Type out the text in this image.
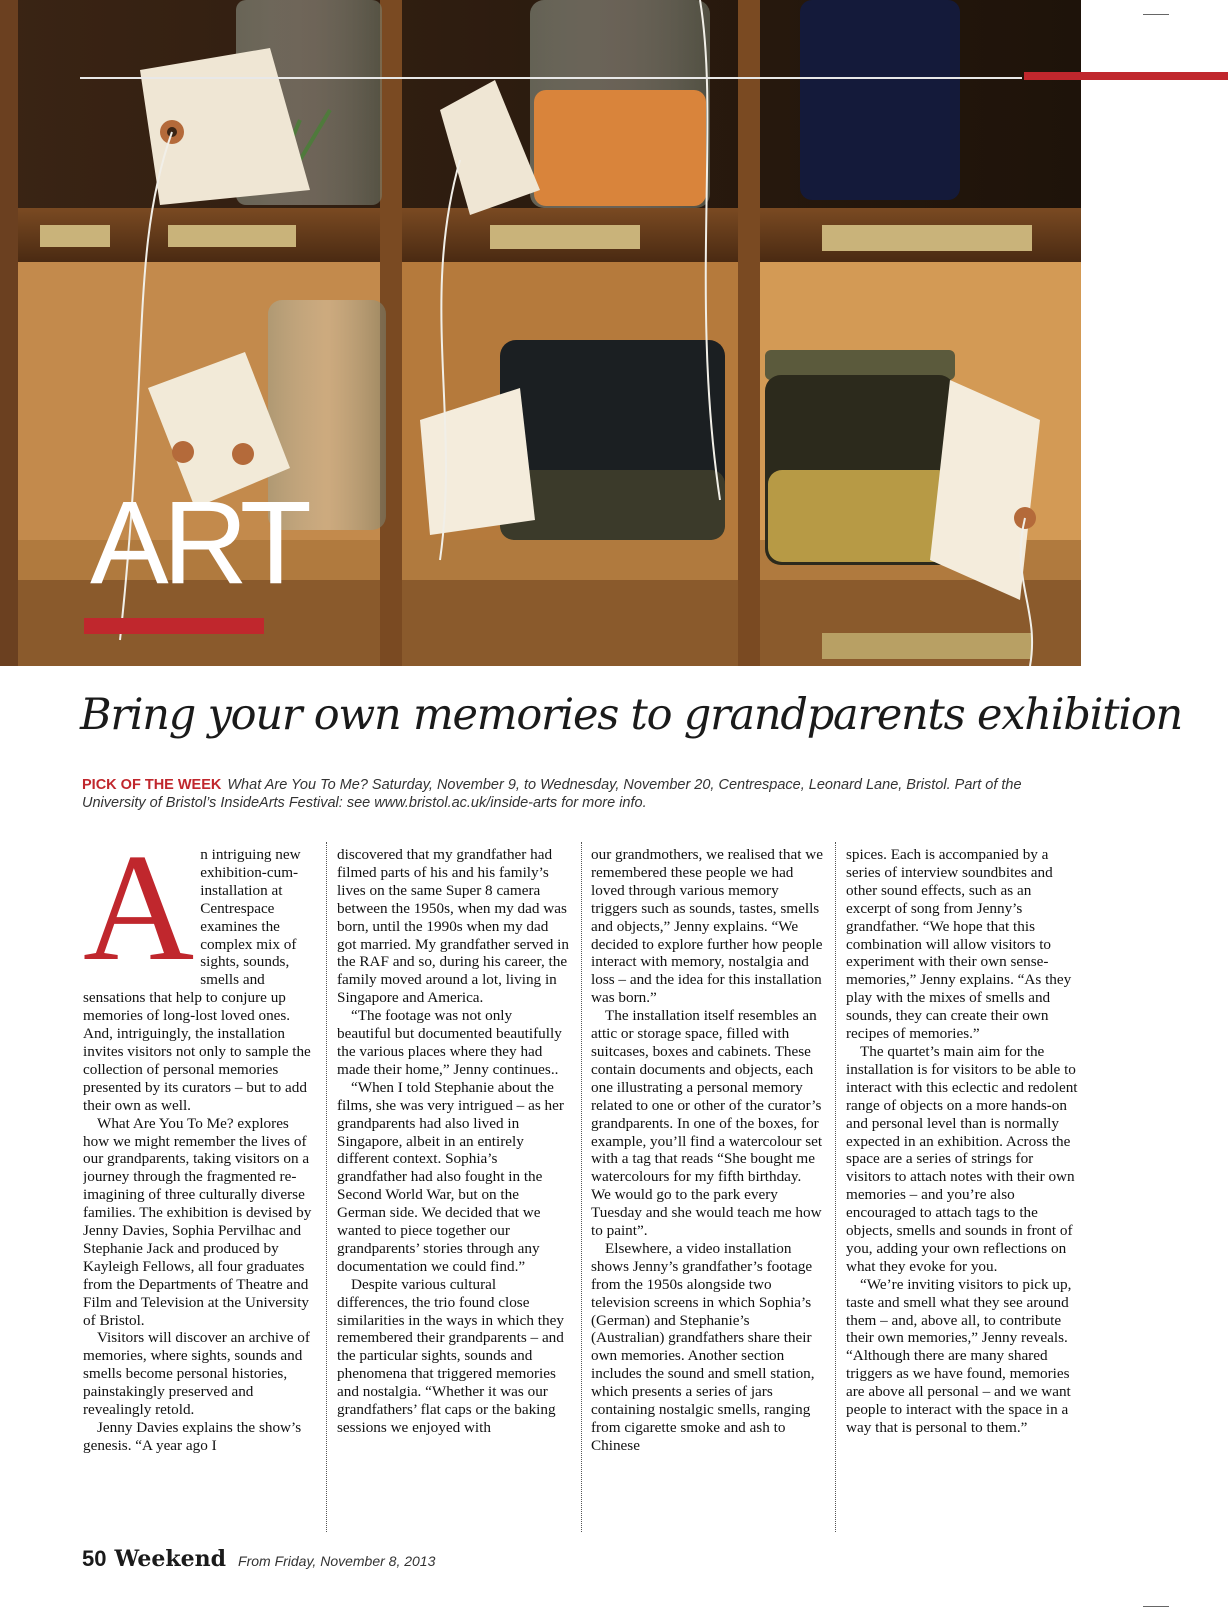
ART
Bring your own memories to grandparents exhibition

PICK OF THE WEEK What Are You To Me? Saturday, November 9, to Wednesday, November 20, Centrespace, Leonard Lane, Bristol. Part of the University of Bristol’s InsideArts Festival: see www.bristol.ac.uk/inside-arts for more info.

A n intriguing new exhibition-cum-installation at Centrespace examines the complex mix of sights, sounds, smells and sensations that help to conjure up memories of long-lost loved ones. And, intriguingly, the installation invites visitors not only to sample the collection of personal memories presented by its curators – but to add their own as well.

What Are You To Me? explores how we might remember the lives of our grandparents, taking visitors on a journey through the fragmented re-imagining of three culturally diverse families. The exhibition is devised by Jenny Davies, Sophia Pervilhac and Stephanie Jack and produced by Kayleigh Fellows, all four graduates from the Departments of Theatre and Film and Television at the University of Bristol.

Visitors will discover an archive of memories, where sights, sounds and smells become personal histories, painstakingly preserved and revealingly retold.

Jenny Davies explains the show’s genesis. “A year ago I

discovered that my grandfather had filmed parts of his and his family’s lives on the same Super 8 camera between the 1950s, when my dad was born, until the 1990s when my dad got married. My grandfather served in the RAF and so, during his career, the family moved around a lot, living in Singapore and America.

“The footage was not only beautiful but documented beautifully the various places where they had made their home,” Jenny continues..

“When I told Stephanie about the films, she was very intrigued – as her grandparents had also lived in Singapore, albeit in an entirely different context. Sophia’s grandfather had also fought in the Second World War, but on the German side. We decided that we wanted to piece together our grandparents’ stories through any documentation we could find.”

Despite various cultural differences, the trio found close similarities in the ways in which they remembered their grandparents – and the particular sights, sounds and phenomena that triggered memories and nostalgia. “Whether it was our grandfathers’ flat caps or the baking sessions we enjoyed with

our grandmothers, we realised that we remembered these people we had loved through various memory triggers such as sounds, tastes, smells and objects,” Jenny explains. “We decided to explore further how people interact with memory, nostalgia and loss – and the idea for this installation was born.”

The installation itself resembles an attic or storage space, filled with suitcases, boxes and cabinets. These contain documents and objects, each one illustrating a personal memory related to one or other of the curator’s grandparents. In one of the boxes, for example, you’ll find a watercolour set with a tag that reads “She bought me watercolours for my fifth birthday. We would go to the park every Tuesday and she would teach me how to paint”.

Elsewhere, a video installation shows Jenny’s grandfather’s footage from the 1950s alongside two television screens in which Sophia’s (German) and Stephanie’s (Australian) grandfathers share their own memories. Another section includes the sound and smell station, which presents a series of jars containing nostalgic smells, ranging from cigarette smoke and ash to Chinese

spices. Each is accompanied by a series of interview soundbites and other sound effects, such as an excerpt of song from Jenny’s grandfather. “We hope that this combination will allow visitors to experiment with their own sense-memories,” Jenny explains. “As they play with the mixes of smells and sounds, they can create their own recipes of memories.”

The quartet’s main aim for the installation is for visitors to be able to interact with this eclectic and redolent range of objects on a more hands-on and personal level than is normally expected in an exhibition. Across the space are a series of strings for visitors to attach notes with their own memories – and you’re also encouraged to attach tags to the objects, smells and sounds in front of you, adding your own reflections on what they evoke for you.

“We’re inviting visitors to pick up, taste and smell what they see around them – and, above all, to contribute their own memories,” Jenny reveals. “Although there are many shared triggers as we have found, memories are above all personal – and we want people to interact with the space in a way that is personal to them.”

50 Weekend From Friday, November 8, 2013
